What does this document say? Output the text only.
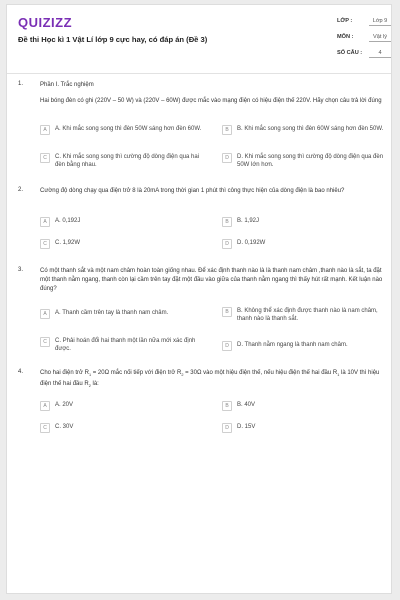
QUIZIZZ
Đề thi Học kì 1 Vật Lí lớp 9 cực hay, có đáp án (Đề 3)
LỚP :	Lớp 9
MÔN :	Vật lý
SỐ CÂU :	4
1.	Phần I. Trắc nghiệm
Hai bóng đèn có ghi (220V – 50 W) và (220V – 60W) được mắc vào mạng điện có hiệu điện thế 220V. Hãy chọn câu trả lời đúng
A	A. Khi mắc song song thì đèn 50W sáng hơn đèn 60W.	B	B. Khi mắc song song thì đèn 60W sáng hơn đèn 50W.
C	C. Khi mắc song song thì cường độ dòng điện qua hai đèn bằng nhau.
D	D. Khi mắc song song thì cường độ dòng điện qua đèn 50W lớn hơn.
2.	Cường độ dòng chạy qua điện trở 8 là 20mA trong thời gian 1 phút thì công thực hiện của dòng điện là bao nhiêu?
A	A. 0,192J	B	B. 1,92J
C	C. 1,92W	D	D. 0,192W
3.	Có một thanh sắt và một nam châm hoàn toàn giống nhau. Để xác định thanh nào là là thanh nam châm ,thanh nào là sắt, ta đặt một thanh nằm ngang, thanh còn lại cầm trên tay đặt một đầu vào giữa của thanh nằm ngang thì thấy hút rất mạnh. Kết luận nào đúng?
A	A. Thanh cầm trên tay là thanh nam châm.	B	B. Không thể xác định được thanh nào là nam châm, thanh nào là thanh sắt.
C	C. Phải hoán đổi hai thanh một lần nữa mới xác định được.
D	D. Thanh nằm ngang là thanh nam châm.
4.	Cho hai điện trở $R_1 = 20\Omega$ mắc nối tiếp với điện trở $R_2 = 30\Omega$ vào một hiệu điện thế, nếu hiệu điện thế hai đầu $R_1$ là 10V thì hiệu điện thế hai đầu $R_2$ là:
A	A. 20V	B	B. 40V
C	C. 30V	D	D. 15V
